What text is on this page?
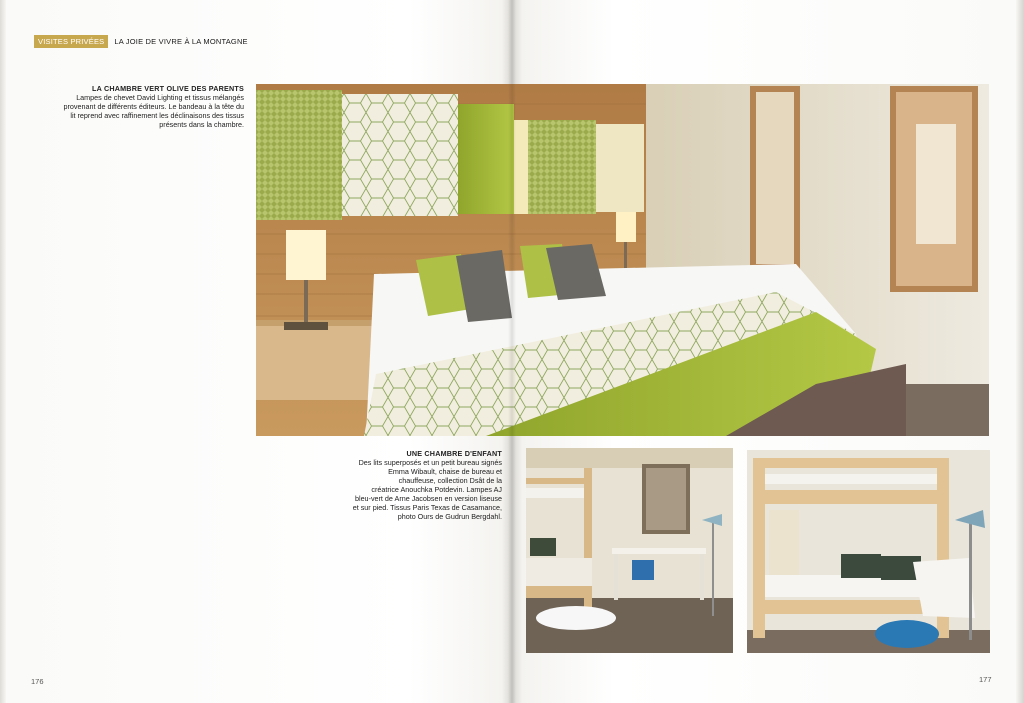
VISITES PRIVÉES	LA JOIE DE VIVRE À LA MONTAGNE
LA CHAMBRE VERT OLIVE DES PARENTS
Lampes de chevet David Lighting et tissus mélangés
provenant de différents éditeurs. Le bandeau à la tête du
lit reprend avec raffinement les déclinaisons des tissus
présents dans la chambre.
UNE CHAMBRE D'ENFANT
Des lits superposés et un petit bureau signés
Emma Wibault, chaise de bureau et
chauffeuse, collection Dsât de la
créatrice Anouchka Potdevin. Lampes AJ
bleu-vert de Arne Jacobsen en version liseuse
et sur pied. Tissus Paris Texas de Casamance,
photo Ours de Gudrun Bergdahl.
176	177
